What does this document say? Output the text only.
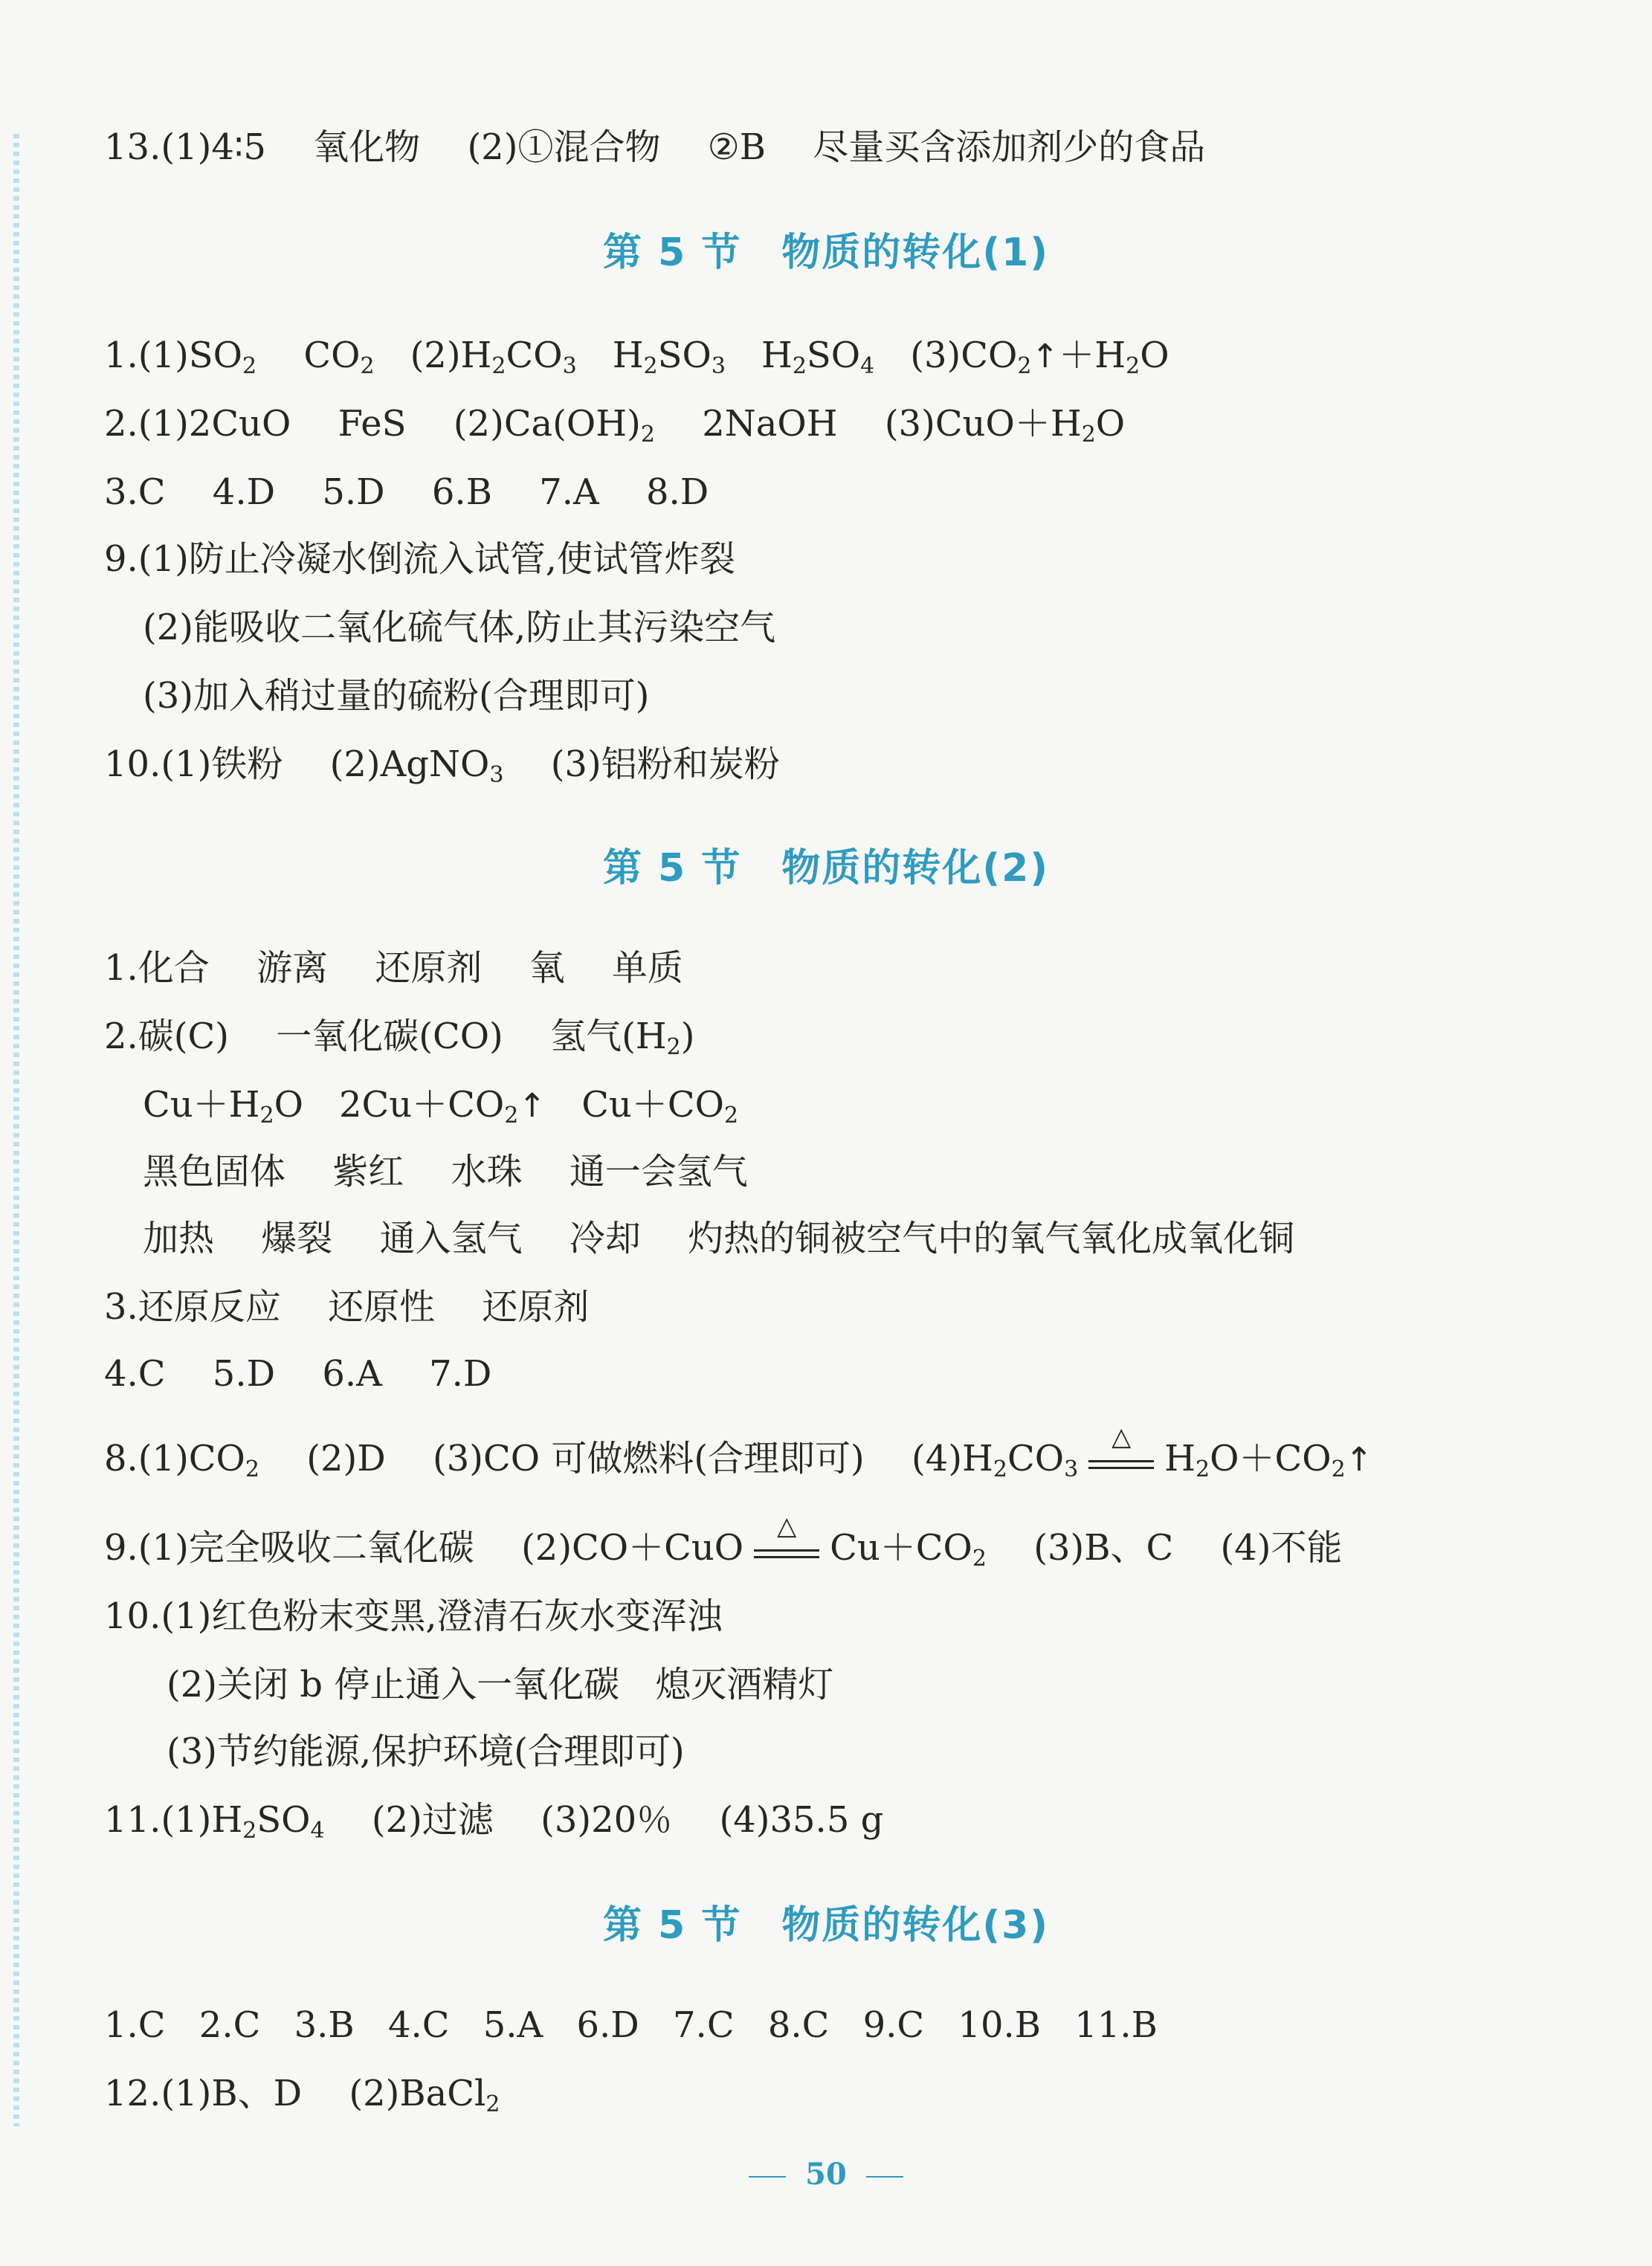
13.(1)4∶5 氧化物 (2)①混合物 ②B 尽量买含添加剂少的食品
第 5 节　物质的转化(1)
$1.(1)SO_2$ $CO_2$ $(2)H_2CO_3$ $H_2SO_3$ $H_2SO_4$ $(3)CO_2↑+H_2O$
2.(1)2CuO FeS $(2)Ca(OH)_2$ 2NaOH $(3)CuO+H_2O$
3.C 4.D 5.D 6.B 7.A 8.D
9.(1)防止冷凝水倒流入试管,使试管炸裂
(2)能吸收二氧化硫气体,防止其污染空气
(3)加入稍过量的硫粉(合理即可)
10.(1)铁粉 (2)AgNO$_3$ (3)铝粉和炭粉
第 5 节　物质的转化(2)
1.化合 游离 还原剂 氧 单质
2.碳(C) 一氧化碳(CO) 氢气$(H_2)$
$Cu+H_2O$ $2Cu+CO_2↑$ $Cu+CO_2$
黑色固体 紫红 水珠 通一会氢气
加热 爆裂 通入氢气 冷却 灼热的铜被空气中的氧气氧化成氧化铜
3.还原反应 还原性 还原剂
4.C 5.D 6.A 7.D
$8.(1)CO_2$ (2)D (3)CO 可做燃料(合理即可) $(4)H_2CO_3$
△
$H_2O+CO_2↑$
9.(1)完全吸收二氧化碳 (2)CO＋CuO
△
$Cu+CO_2$ (3)B、C (4)不能
10.(1)红色粉末变黑,澄清石灰水变浑浊
(2)关闭 b 停止通入一氧化碳　熄灭酒精灯
(3)节约能源,保护环境(合理即可)
$11.(1)H_2SO_4$ (2)过滤 (3)20％ (4)35.5 g
第 5 节　物质的转化(3)
1.C 2.C 3.B 4.C 5.A 6.D 7.C 8.C 9.C 10.B 11.B
12.(1)B、D (2)BaCl$_2$
50
